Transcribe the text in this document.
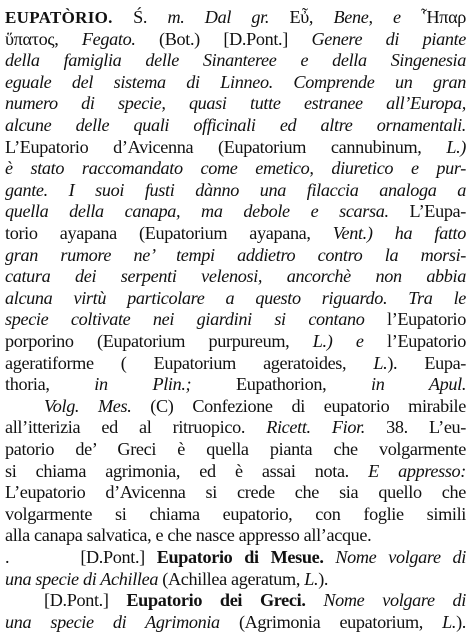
EUPATÒRIO. Ś. m. Dal gr. Εὖ, Bene, e Ἧπαρ
ὕπατος, Fegato. (Bot.) [D.Pont.] Genere di piante
della famiglia delle Sinanteree e della Singenesia
eguale del sistema di Linneo. Comprende un gran
numero di specie, quasi tutte estranee all’Europa,
alcune delle quali officinali ed altre ornamentali.
L’Eupatorio d’Avicenna (Eupatorium cannubinum, L.)
è stato raccomandato come emetico, diuretico e pur-
gante. I suoi fusti dànno una filaccia analoga a
quella della canapa, ma debole e scarsa. L’Eupa-
torio ayapana (Eupatorium ayapana, Vent.) ha fatto
gran rumore ne’ tempi addietro contro la morsi-
catura dei serpenti velenosi, ancorchè non abbia
alcuna virtù particolare a questo riguardo. Tra le
specie coltivate nei giardini si contano l’Eupatorio
porporino (Eupatorium purpureum, L.) e l’Eupatorio
ageratiforme ( Eupatorium ageratoides, L.). Eupa-
thoria, in Plin.; Eupathorion, in Apul.
Volg. Mes. (C) Confezione di eupatorio mirabile
all’itterizia ed al ritruopico. Ricett. Fior. 38. L’eu-
patorio de’ Greci è quella pianta che volgarmente
si chiama agrimonia, ed è assai nota. E appresso:
L’eupatorio d’Avicenna si crede che sia quello che
volgarmente si chiama eupatorio, con foglie simili
alla canapa salvatica, e che nasce appresso all’acque.
.      [D.Pont.] Eupatorio di Mesue. Nome volgare di
una specie di Achillea (Achillea ageratum, L.).
[D.Pont.] Eupatorio dei Greci. Nome volgare di
una specie di Agrimonia (Agrimonia eupatorium, L.).
